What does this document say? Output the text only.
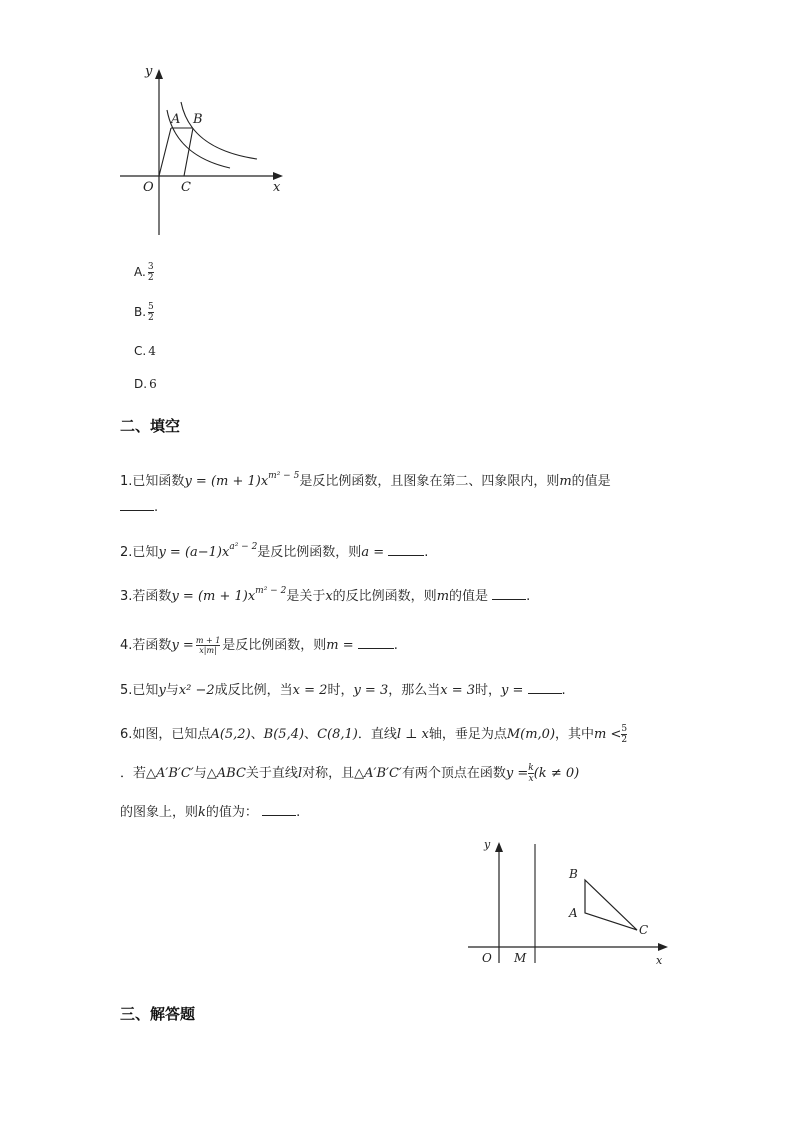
y
x
O
A B
C
A. $\frac{3}{2}$
B. $\frac{5}{2}$
C. 4
D. 6
二、填空
1.已知函数$y = (m + 1)x^{m^2 - 5}$是反比例函数，且图象在第二、四象限内，则m的值是
.
2.已知$y = (a-1)x^{a^2 - 2}$是反比例函数，则a =	.
3.若函数$y = (m + 1)x^{m^2 - 2}$是关于x的反比例函数，则m的值是	.
4.若函数$y = \frac{m + 1}{x|m|}$ 是反比例函数，则m =	.
5.已知y与x² −2成反比例，当x = 2时，y = 3，那么当x = 3时，y =	.
6.如图，已知点A(5,2)、B(5,4)、C(8,1)．直线l ⊥ x轴，垂足为点M(m,0)，其中$m < \frac{5}{2}$
．若△A′B′C′与△ABC关于直线l对称，且△A′B′C′有两个顶点在函数$y = \frac{k}{x} (k \ne 0)$
的图象上，则k的值为：	.
y
x
O M
B
A
C
三、解答题
